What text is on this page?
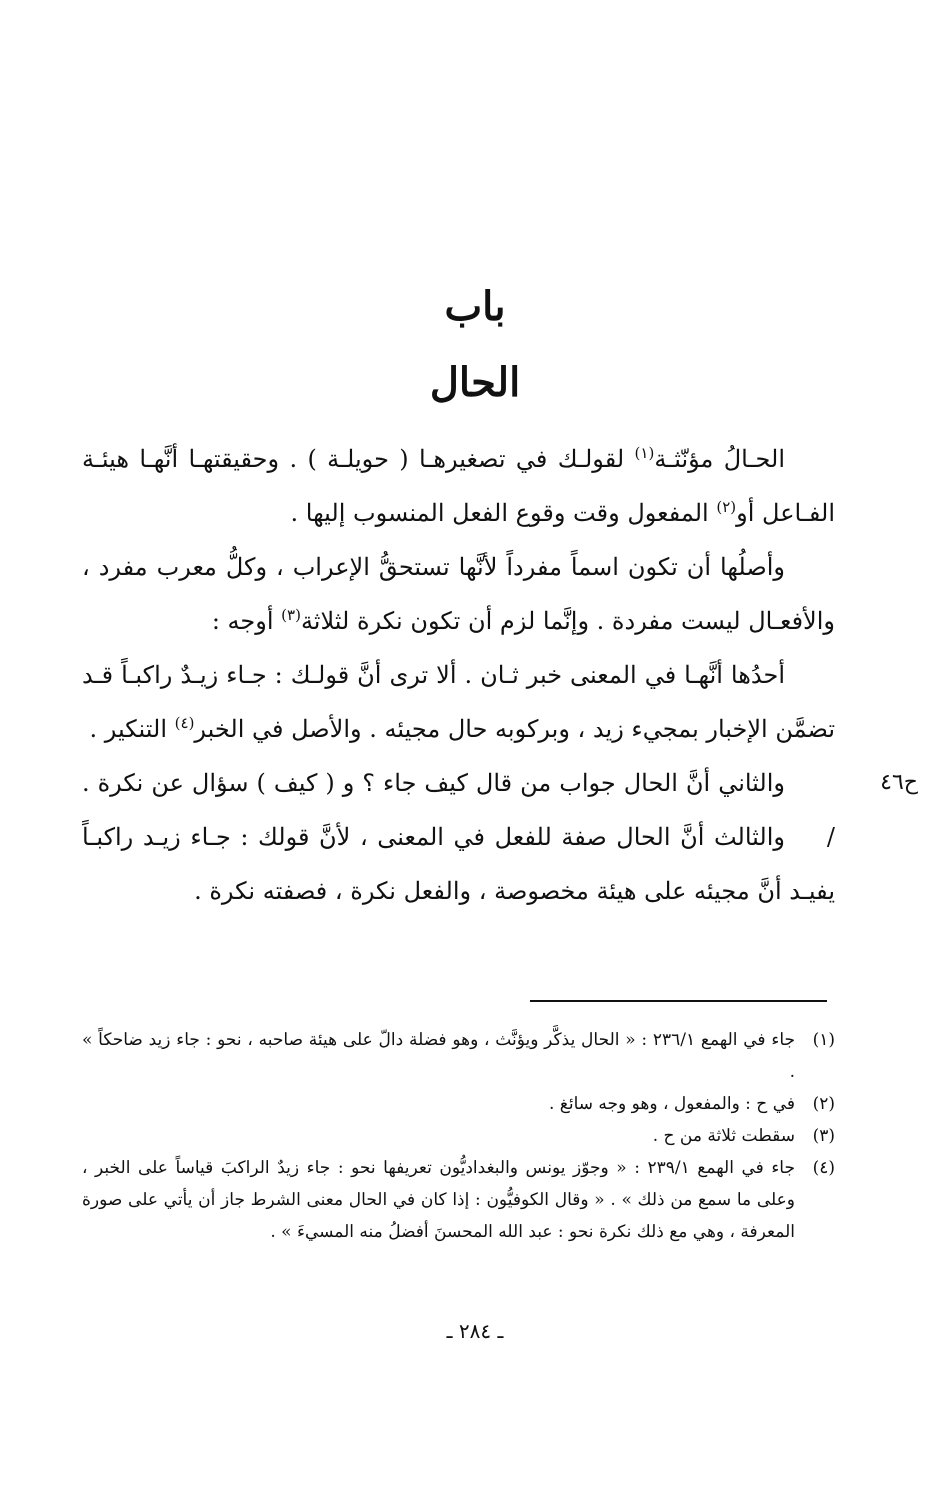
باب
الحال

الحـالُ مؤنّثـة$^{(١)}$ لقولـك في تصغيرهـا ( حويلـة ) . وحقيقتهـا أنَّهـا هيئـة الفـاعل أو$^{(٢)}$ المفعول وقت وقوع الفعل المنسوب إليها .

وأصلُها أن تكون اسماً مفرداً لأنَّها تستحقُّ الإعراب ، وكلُّ معرب مفرد ، والأفعـال ليست مفردة . وإنَّما لزم أن تكون نكرة لثلاثة$^{(٣)}$ أوجه :

أحدُها أنَّهـا في المعنى خبر ثـان . ألا ترى أنَّ قولـك : جـاء زيـدٌ راكبـاً قـد تضمَّن الإخبار بمجيء زيد ، وبركوبه حال مجيئه . والأصل في الخبر$^{(٤)}$ التنكير .

والثاني أنَّ الحال جواب من قال كيف جاء ؟ و ( كيف ) سؤال عن نكرة . /

ح٤٦

والثالث أنَّ الحال صفة للفعل في المعنى ، لأنَّ قولك : جـاء زيـد راكبـاً يفيـد أنَّ مجيئه على هيئة مخصوصة ، والفعل نكرة ، فصفته نكرة .

(١)
جاء في الهمع ٢٣٦/١ : « الحال يذكَّر ويؤنَّث ، وهو فضلة دالّ على هيئة صاحبه ، نحو : جاء زيد ضاحكاً » .
(٢)
في ح : والمفعول ، وهو وجه سائغ .
(٣)
سقطت ثلاثة من ح .
(٤)
جاء في الهمع ٢٣٩/١ : « وجوّز يونس والبغداديُّون تعريفها نحو : جاء زيدٌ الراكبَ قياساً على الخبر ، وعلى ما سمع من ذلك » . « وقال الكوفيُّون : إذا كان في الحال معنى الشرط جاز أن يأتي على صورة المعرفة ، وهي مع ذلك نكرة نحو : عبد الله المحسنَ أفضلُ منه المسيءَ » .
ـ ٢٨٤ ـ
